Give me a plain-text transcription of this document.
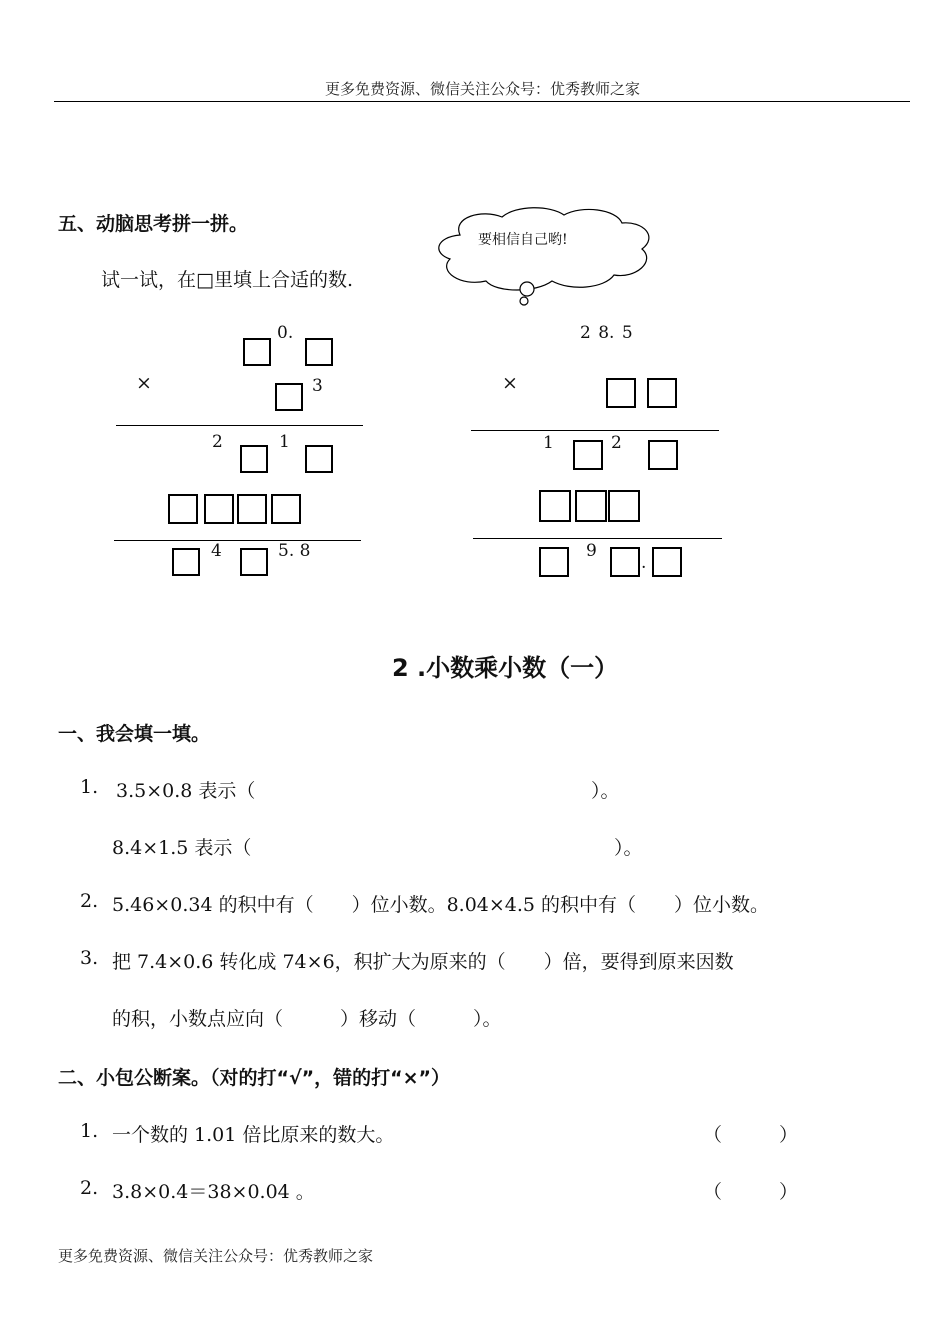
更多免费资源、微信关注公众号：优秀教师之家
五、动脑思考拼一拼。
试一试，在□里填上合适的数.
要相信自己哟!
0.
×	3
2	1
4	5. 8
2 8. 5
×
1	2
9
.
2 .小数乘小数（一）
一、我会填一填。
1. 3.5×0.8 表示（	）。
8.4×1.5 表示（	）。
2. 5.46×0.34 的积中有（　　）位小数。8.04×4.5 的积中有（　　）位小数。
3. 把 7.4×0.6 转化成 74×6，积扩大为原来的（　　）倍，要得到原来因数
的积，小数点应向（　　　）移动（　　　）。
二、小包公断案。（对的打“√”，错的打“×”）
1. 一个数的 1.01 倍比原来的数大。	（　　　）
2. 3.8×0.4＝38×0.04 。	（　　　）
更多免费资源、微信关注公众号：优秀教师之家
